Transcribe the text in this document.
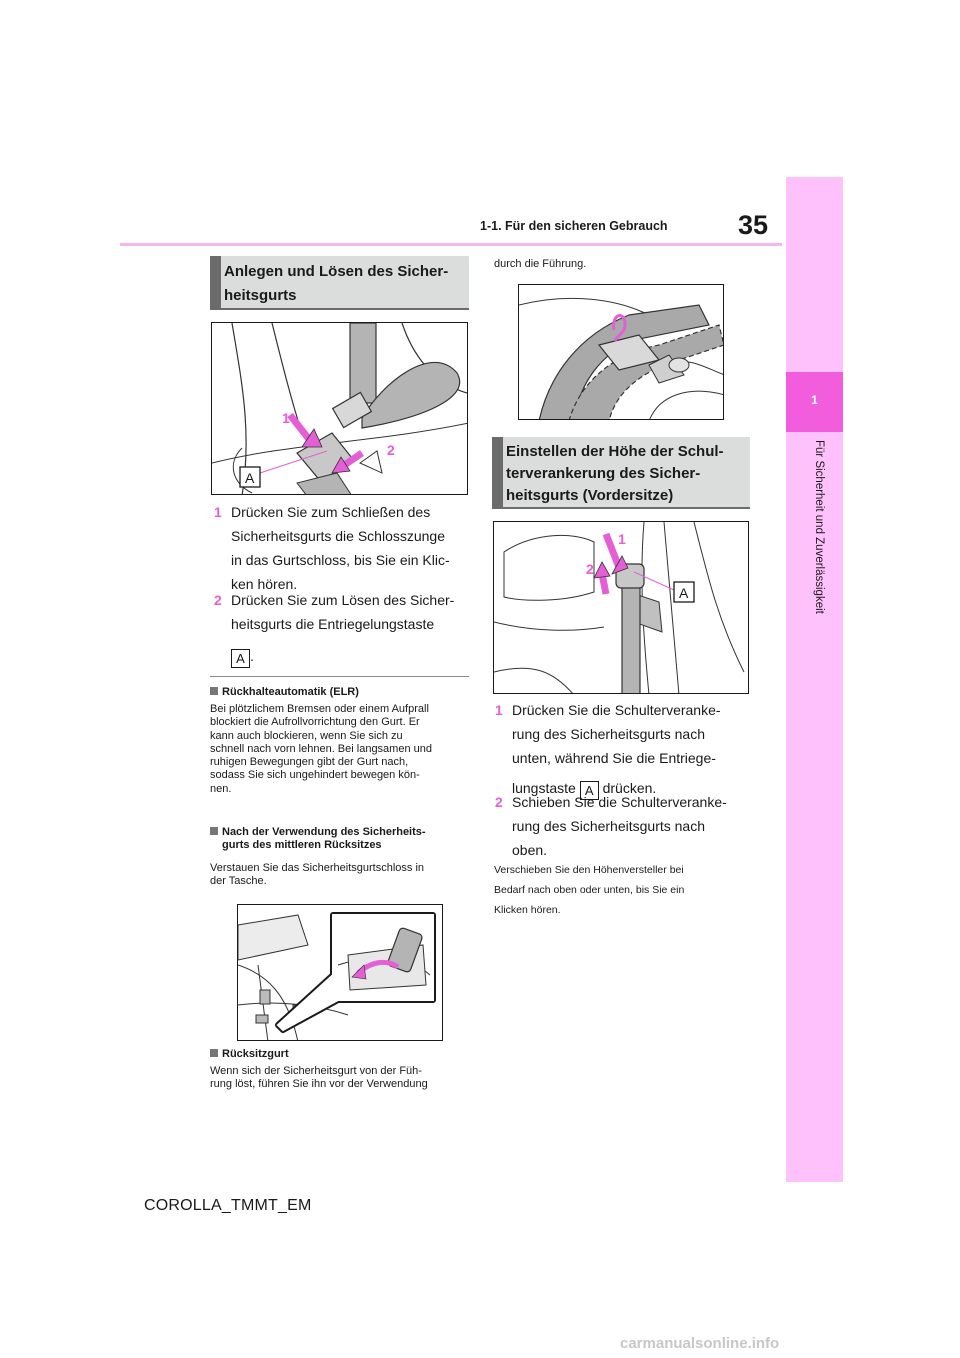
1-1. Für den sicheren Gebrauch	35
1
Für Sicherheit und Zuverlässigkeit
Anlegen und Lösen des Sicher-
heitsgurts
A
1
2
1 Drücken Sie zum Schließen des
Sicherheitsgurts die Schlosszunge
in das Gurtschloss, bis Sie ein Klic-
ken hören.
2 Drücken Sie zum Lösen des Sicher-
heitsgurts die Entriegelungstaste
A .
Rückhalteautomatik (ELR)
Bei plötzlichem Bremsen oder einem Aufprall
blockiert die Aufrollvorrichtung den Gurt. Er
kann auch blockieren, wenn Sie sich zu
schnell nach vorn lehnen. Bei langsamen und
ruhigen Bewegungen gibt der Gurt nach,
sodass Sie sich ungehindert bewegen kön-
nen.
Nach der Verwendung des Sicherheits-
gurts des mittleren Rücksitzes
Verstauen Sie das Sicherheitsgurtschloss in
der Tasche.
Rücksitzgurt
Wenn sich der Sicherheitsgurt von der Füh-
rung löst, führen Sie ihn vor der Verwendung
durch die Führung.
Einstellen der Höhe der Schul-
terverankerung des Sicher-
heitsgurts (Vordersitze)
A
1
2
1 Drücken Sie die Schulterveranke-
rung des Sicherheitsgurts nach
unten, während Sie die Entriege-
lungstaste A drücken.
2 Schieben Sie die Schulterveranke-
rung des Sicherheitsgurts nach
oben.
Verschieben Sie den Höhenversteller bei
Bedarf nach oben oder unten, bis Sie ein
Klicken hören.
COROLLA_TMMT_EM
carmanualsonline.info
